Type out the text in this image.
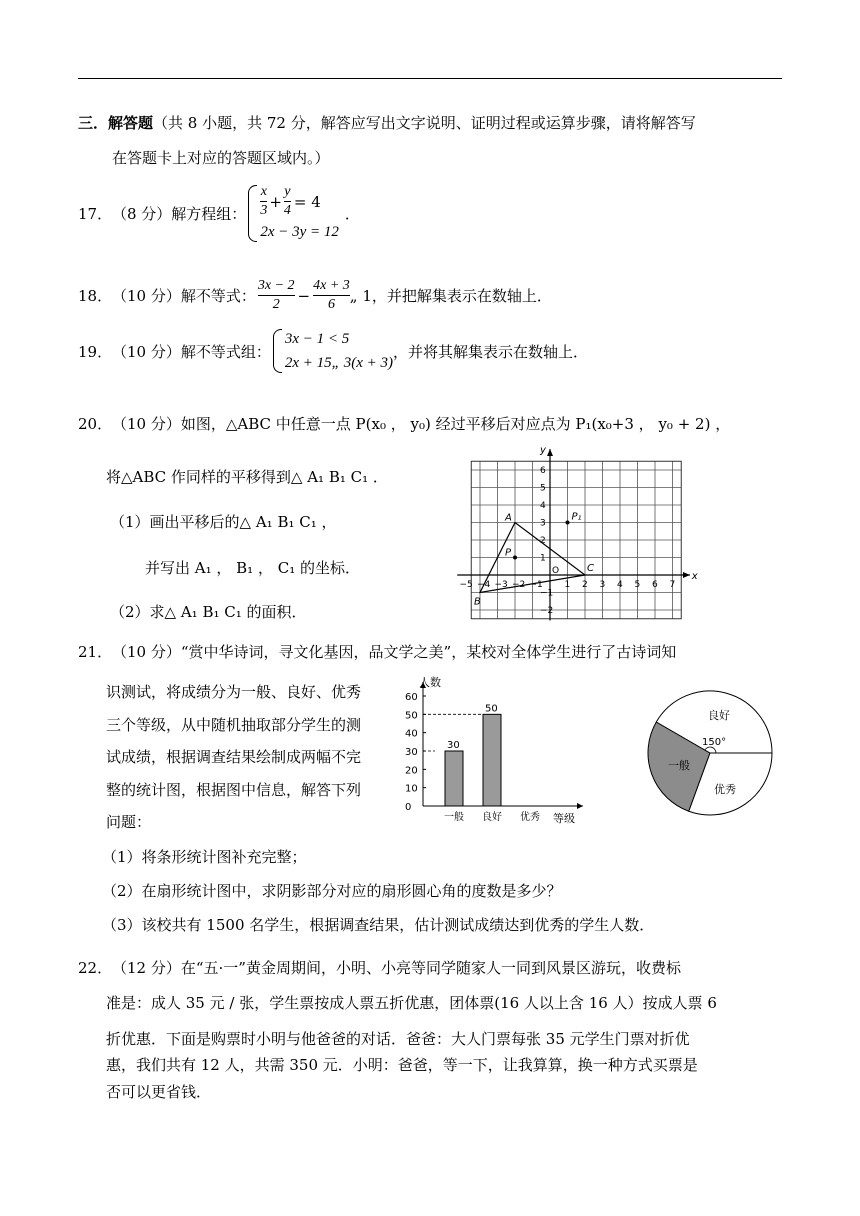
三．解答题（共 8 小题，共 72 分，解答应写出文字说明、证明过程或运算步骤，请将解答写
在答题卡上对应的答题区域内。）
17． （8 分）解方程组： $\frac{x}{3} + \frac{y}{4} = 4$
2x − 3y = 12
．
18． （10 分）解不等式： $\frac{3x - 2}{2} - \frac{4x + 3}{6}$ „ 1 ，并把解集表示在数轴上．
19． （10 分）解不等式组：
3x − 1 < 5
2x + 15„ 3(x + 3)
，并将其解集表示在数轴上．
20．（10 分）如图，△ABC 中任意一点 P(x₀ ， y₀) 经过平移后对应点为 P₁(x₀+3 ， y₀ + 2) ，
将△ABC 作同样的平移得到△ A₁ B₁ C₁ ．
（1）画出平移后的△ A₁ B₁ C₁ ，
并写出 A₁ ， B₁ ， C₁ 的坐标．
（2）求△ A₁ B₁ C₁ 的面积．
x
y
−5 −4 −3 −2 −1
O
1 2 3 4 5 6 7
6
5
4
3
2
1
−1
−2
A
B
C
P
P₁
21．（10 分）“赏中华诗词，寻文化基因，品文学之美”，某校对全体学生进行了古诗词知
识测试，将成绩分为一般、良好、优秀
三个等级，从中随机抽取部分学生的测
试成绩，根据调查结果绘制成两幅不完
整的统计图，根据图中信息，解答下列
问题：
0
10
20
30
40
50
60
30
一般
50
良好 优秀
人数
等级
良好
一般
优秀
150°
（1）将条形统计图补充完整；
（2）在扇形统计图中，求阴影部分对应的扇形圆心角的度数是多少？
（3）该校共有 1500 名学生，根据调查结果，估计测试成绩达到优秀的学生人数．
22．（12 分）在“五·一”黄金周期间，小明、小亮等同学随家人一同到风景区游玩，收费标
准是：成人 35 元 / 张，学生票按成人票五折优惠，团体票(16 人以上含 16 人）按成人票 6
折优惠．下面是购票时小明与他爸爸的对话．爸爸：大人门票每张 35 元学生门票对折优
惠，我们共有 12 人，共需 350 元．小明：爸爸，等一下，让我算算，换一种方式买票是
否可以更省钱．
